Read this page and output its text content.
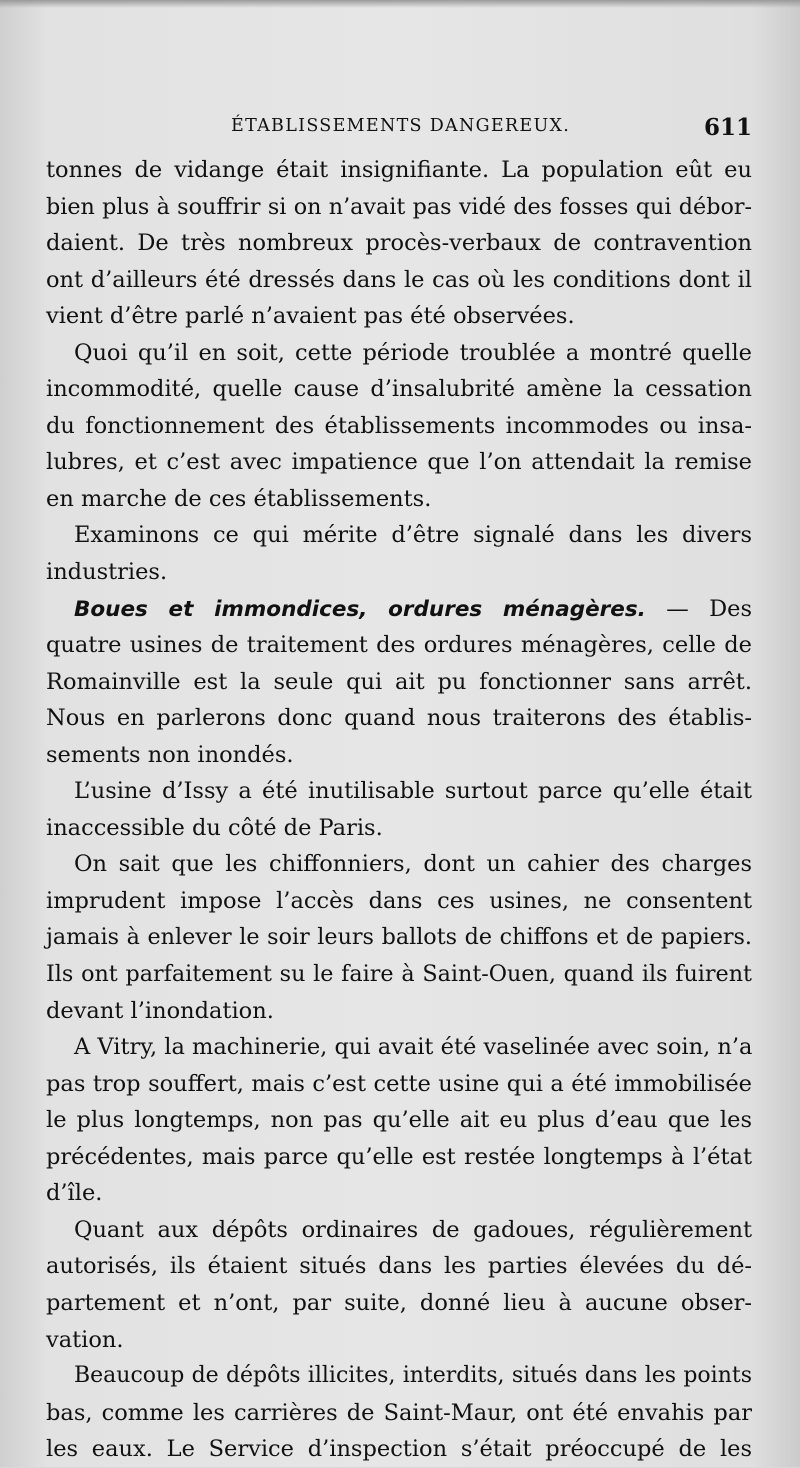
ÉTABLISSEMENTS DANGEREUX.	611
tonnes de vidange était insignifiante. La population eût eu
bien plus à souffrir si on n’avait pas vidé des fosses qui débor-
daient. De très nombreux procès-verbaux de contravention
ont d’ailleurs été dressés dans le cas où les conditions dont il
vient d’être parlé n’avaient pas été observées.
Quoi qu’il en soit, cette période troublée a montré quelle
incommodité, quelle cause d’insalubrité amène la cessation
du fonctionnement des établissements incommodes ou insa-
lubres, et c’est avec impatience que l’on attendait la remise
en marche de ces établissements.
Examinons ce qui mérite d’être signalé dans les divers
industries.
Boues et immondices, ordures ménagères. — Des
quatre usines de traitement des ordures ménagères, celle de
Romainville est la seule qui ait pu fonctionner sans arrêt.
Nous en parlerons donc quand nous traiterons des établis-
sements non inondés.
L’usine d’Issy a été inutilisable surtout parce qu’elle était
inaccessible du côté de Paris.
On sait que les chiffonniers, dont un cahier des charges
imprudent impose l’accès dans ces usines, ne consentent
jamais à enlever le soir leurs ballots de chiffons et de papiers.
Ils ont parfaitement su le faire à Saint-Ouen, quand ils fuirent
devant l’inondation.
A Vitry, la machinerie, qui avait été vaselinée avec soin, n’a
pas trop souffert, mais c’est cette usine qui a été immobilisée
le plus longtemps, non pas qu’elle ait eu plus d’eau que les
précédentes, mais parce qu’elle est restée longtemps à l’état
d’île.
Quant aux dépôts ordinaires de gadoues, régulièrement
autorisés, ils étaient situés dans les parties élevées du dé-
partement et n’ont, par suite, donné lieu à aucune obser-
vation.
Beaucoup de dépôts illicites, interdits, situés dans les points
bas, comme les carrières de Saint-Maur, ont été envahis par
les eaux. Le Service d’inspection s’était préoccupé de les
